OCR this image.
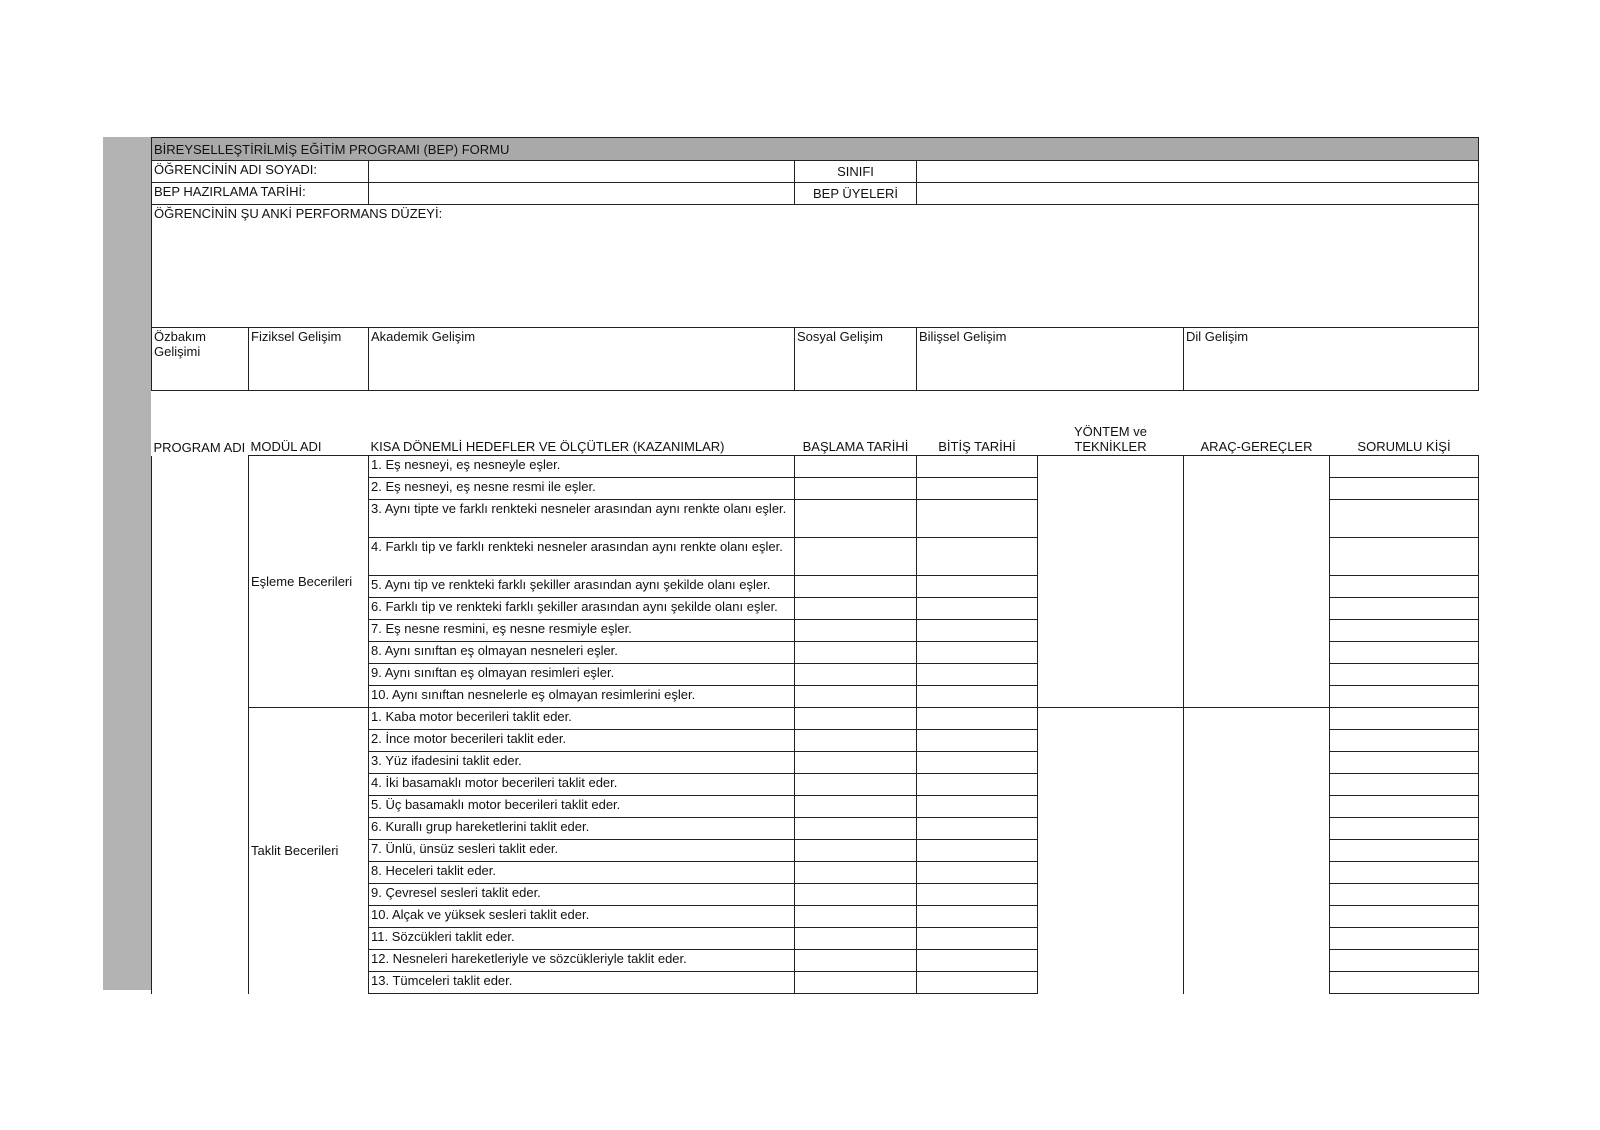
BİREYSELLEŞTİRİLMİŞ EĞİTİM PROGRAMI (BEP) FORMU					
ÖĞRENCİNİN ADI SOYADI:			SINIFI		
BEP HAZIRLAMA TARİHİ:			BEP ÜYELERİ		
ÖĞRENCİNİN ŞU ANKİ PERFORMANS DÜZEYİ:					
Özbakım Gelişimi	Fiziksel Gelişim	Akademik Gelişim	Sosyal Gelişim	Bilişsel Gelişim	Dil Gelişim

PROGRAM ADI	MODÜL ADI	KISA DÖNEMLİ HEDEFLER VE ÖLÇÜTLER (KAZANIMLAR)	BAŞLAMA TARİHİ	BİTİŞ TARİHİ	YÖNTEM ve TEKNİKLER	ARAÇ-GEREÇLER	SORUMLU KİŞİ
	Eşleme Becerileri	1. Eş nesneyi, eş nesneyle eşler.					
		2. Eş nesneyi, eş nesne resmi ile eşler.					
		3. Aynı tipte ve farklı renkteki nesneler arasından aynı renkte olanı eşler.					
		4. Farklı tip ve farklı renkteki nesneler arasından aynı renkte olanı eşler.					
		5. Aynı tip ve renkteki farklı şekiller arasından aynı şekilde olanı eşler.					
		6. Farklı tip ve renkteki farklı şekiller arasından aynı şekilde olanı eşler.					
		7. Eş nesne resmini, eş nesne resmiyle eşler.					
		8. Aynı sınıftan eş olmayan nesneleri eşler.					
		9. Aynı sınıftan eş olmayan resimleri eşler.					
		10. Aynı sınıftan nesnelerle eş olmayan resimlerini eşler.					
	Taklit Becerileri	1. Kaba motor becerileri taklit eder.					
		2. İnce motor becerileri taklit eder.					
		3. Yüz ifadesini taklit eder.					
		4. İki basamaklı motor becerileri taklit eder.					
		5. Üç basamaklı motor becerileri taklit eder.					
		6. Kurallı grup hareketlerini taklit eder.					
		7. Ünlü, ünsüz sesleri taklit eder.					
		8. Heceleri taklit eder.					
		9. Çevresel sesleri taklit eder.					
		10. Alçak ve yüksek sesleri taklit eder.					
		11. Sözcükleri taklit eder.					
		12. Nesneleri hareketleriyle ve sözcükleriyle taklit eder.					
		13. Tümceleri taklit eder.					
